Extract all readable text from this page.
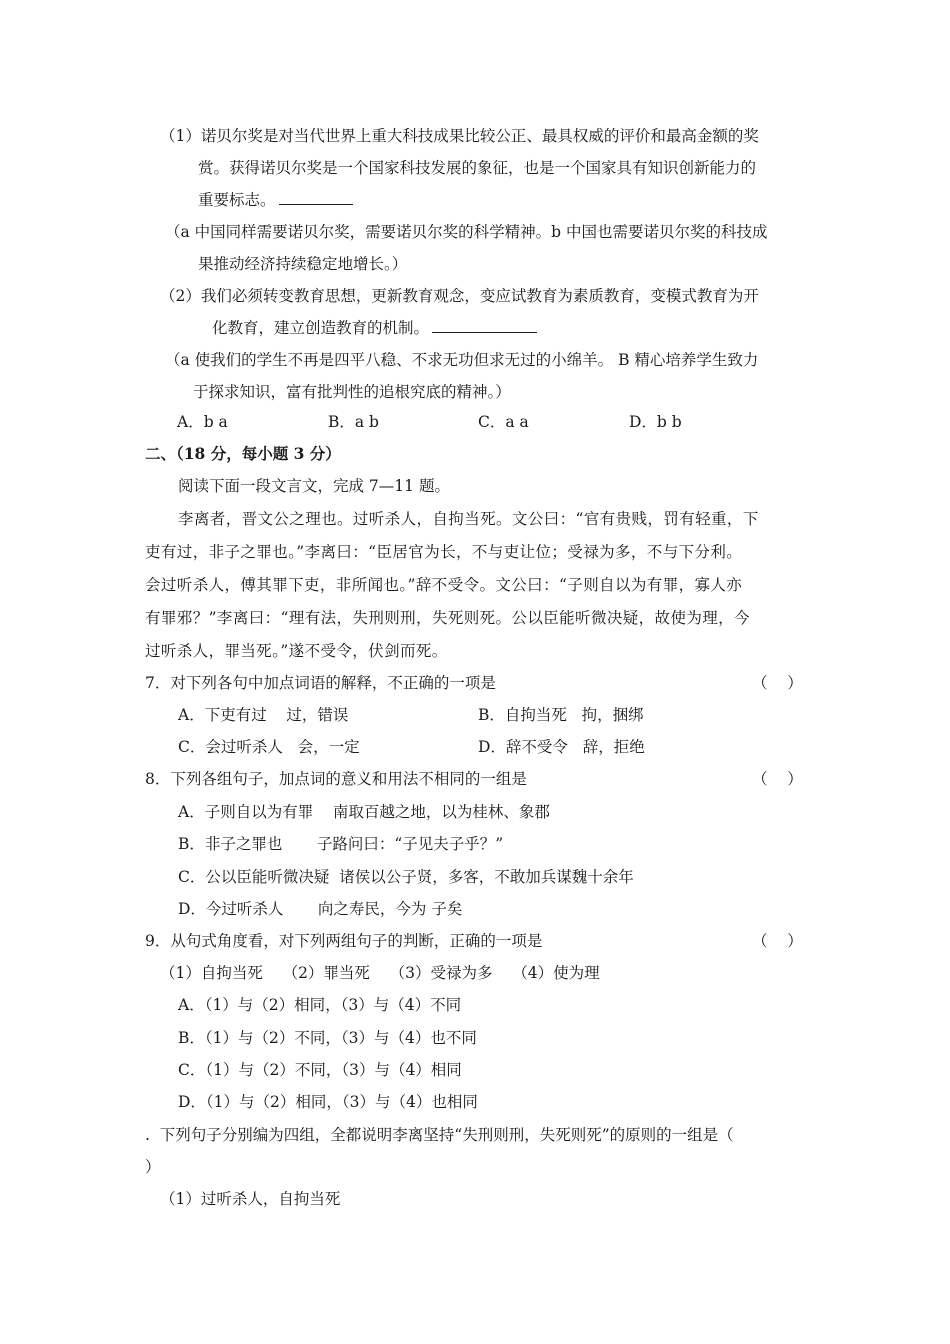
（1）诺贝尔奖是对当代世界上重大科技成果比较公正、最具权威的评价和最高金额的奖
赏。获得诺贝尔奖是一个国家科技发展的象征，也是一个国家具有知识创新能力的
重要标志。
（a 中国同样需要诺贝尔奖，需要诺贝尔奖的科学精神。b 中国也需要诺贝尔奖的科技成
果推动经济持续稳定地增长。）
（2）我们必须转变教育思想，更新教育观念，变应试教育为素质教育，变模式教育为开
化教育，建立创造教育的机制。
（a 使我们的学生不再是四平八稳、不求无功但求无过的小绵羊。 B 精心培养学生致力
于探求知识，富有批判性的追根究底的精神。）
A．b a	B．a b	C．a a	D．b b
二、（18 分，每小题 3 分）
阅读下面一段文言文，完成 7—11 题。
李离者，晋文公之理也。过听杀人，自拘当死。文公曰：“官有贵贱，罚有轻重，下
吏有过，非子之罪也。”李离曰：“臣居官为长，不与吏让位；受禄为多，不与下分利。
会过听杀人，傅其罪下吏，非所闻也。”辞不受令。文公曰：“子则自以为有罪，寡人亦
有罪邪？”李离曰：“理有法，失刑则刑，失死则死。公以臣能听微决疑，故使为理，今
过听杀人，罪当死。”遂不受令，伏剑而死。
7．对下列各句中加点词语的解释，不正确的一项是	（    ）
A．下吏有过    过，错误	B．自拘当死   拘，捆绑
C．会过听杀人   会，一定	D．辞不受令   辞，拒绝
8．下列各组句子，加点词的意义和用法不相同的一组是	（    ）
A．子则自以为有罪    南取百越之地，以为桂林、象郡
B．非子之罪也       子路问曰：“子见夫子乎？”
C．公以臣能听微决疑  诸侯以公子贤，多客，不敢加兵谋魏十余年
D．今过听杀人       向之寿民，今为 子矣
9．从句式角度看，对下列两组句子的判断，正确的一项是	（    ）
（1）自拘当死    （2）罪当死    （3）受禄为多    （4）使为理
A．（1）与（2）相同，（3）与（4）不同
B．（1）与（2）不同，（3）与（4）也不同
C．（1）与（2）不同，（3）与（4）相同
D．（1）与（2）相同，（3）与（4）也相同
.  下列句子分别编为四组，全都说明李离坚持“失刑则刑，失死则死”的原则的一组是（
）
（1）过听杀人，自拘当死
